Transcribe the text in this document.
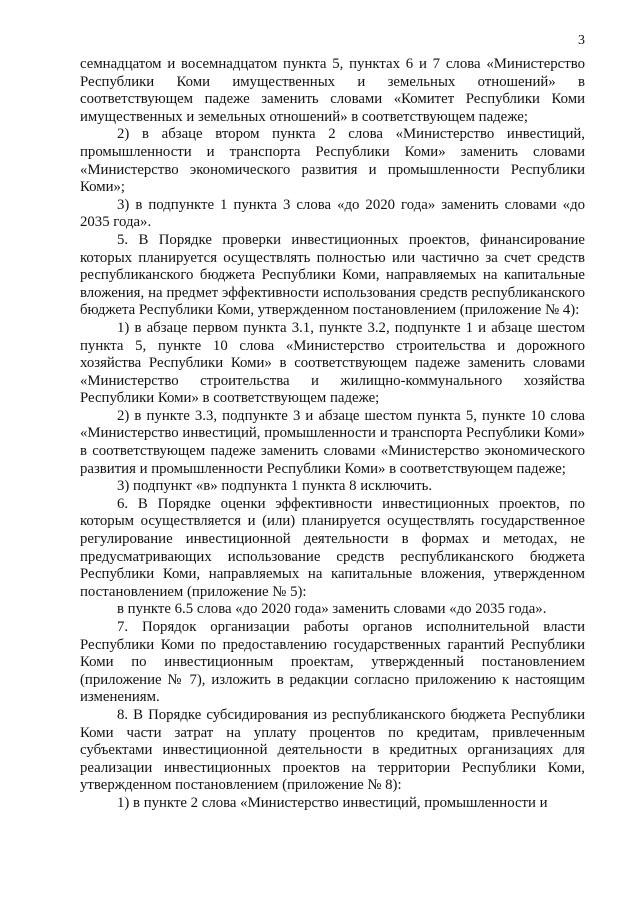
3

семнадцатом и восемнадцатом пункта 5, пунктах 6 и 7 слова «Министерство Республики Коми имущественных и земельных отношений» в соответствующем падеже заменить словами «Комитет Республики Коми имущественных и земельных отношений» в соответствующем падеже;

2) в абзаце втором пункта 2 слова «Министерство инвестиций, промышленности и транспорта Республики Коми» заменить словами «Министерство экономического развития и промышленности Республики Коми»;

3) в подпункте 1 пункта 3 слова «до 2020 года» заменить словами «до 2035 года».

5. В Порядке проверки инвестиционных проектов, финансирование которых планируется осуществлять полностью или частично за счет средств республиканского бюджета Республики Коми, направляемых на капитальные вложения, на предмет эффективности использования средств республиканского бюджета Республики Коми, утвержденном постановлением (приложение № 4):

1) в абзаце первом пункта 3.1, пункте 3.2, подпункте 1 и абзаце шестом пункта 5, пункте 10 слова «Министерство строительства и дорожного хозяйства Республики Коми» в соответствующем падеже заменить словами «Министерство строительства и жилищно-коммунального хозяйства Республики Коми» в соответствующем падеже;

2) в пункте 3.3, подпункте 3 и абзаце шестом пункта 5, пункте 10 слова «Министерство инвестиций, промышленности и транспорта Республики Коми» в соответствующем падеже заменить словами «Министерство экономического развития и промышленности Республики Коми» в соответствующем падеже;

3) подпункт «в» подпункта 1 пункта 8 исключить.

6. В Порядке оценки эффективности инвестиционных проектов, по которым осуществляется и (или) планируется осуществлять государственное регулирование инвестиционной деятельности в формах и методах, не предусматривающих использование средств республиканского бюджета Республики Коми, направляемых на капитальные вложения, утвержденном постановлением (приложение № 5):

в пункте 6.5 слова «до 2020 года» заменить словами «до 2035 года».

7. Порядок организации работы органов исполнительной власти Республики Коми по предоставлению государственных гарантий Республики Коми по инвестиционным проектам, утвержденный постановлением (приложение № 7), изложить в редакции согласно приложению к настоящим изменениям.

8. В Порядке субсидирования из республиканского бюджета Республики Коми части затрат на уплату процентов по кредитам, привлеченным субъектами инвестиционной деятельности в кредитных организациях для реализации инвестиционных проектов на территории Республики Коми, утвержденном постановлением (приложение № 8):

1) в пункте 2 слова «Министерство инвестиций, промышленности и
